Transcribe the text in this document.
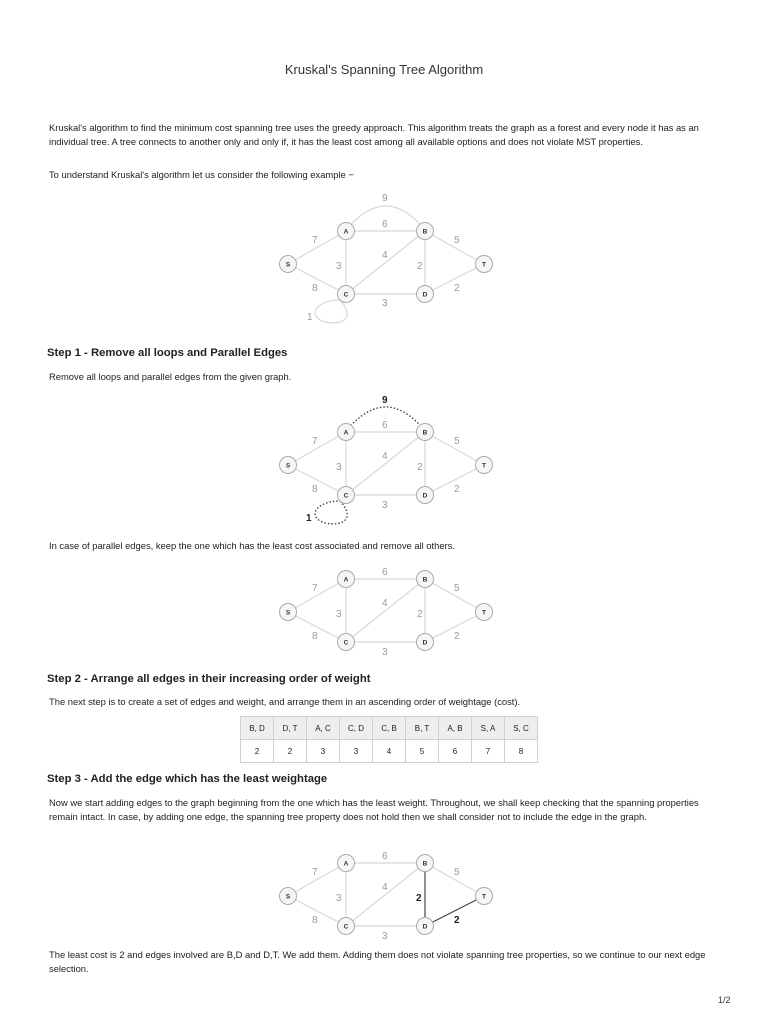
Kruskal's Spanning Tree Algorithm
Kruskal's algorithm to find the minimum cost spanning tree uses the greedy approach. This algorithm treats the graph as a forest and every node it has as an individual tree. A tree connects to another only and only if, it has the least cost among all available options and does not violate MST properties.
To understand Kruskal's algorithm let us consider the following example −
9
6
7
8
3
4
2
3
5
2
1
S
A	B
C	D
T
Step 1 - Remove all loops and Parallel Edges
Remove all loops and parallel edges from the given graph.
9
6
7
8
3
4
2
3
5
2
1
S
A	B
C	D
T
In case of parallel edges, keep the one which has the least cost associated and remove all others.
6
7
8
3
4
2
3
5
2
S
A	B
C	D
T
Step 2 - Arrange all edges in their increasing order of weight
The next step is to create a set of edges and weight, and arrange them in an ascending order of weightage (cost).
B, D	D, T	A, C	C, D	C, B	B, T	A, B	S, A	S, C
2	2	3	3	4	5	6	7	8
Step 3 - Add the edge which has the least weightage
Now we start adding edges to the graph beginning from the one which has the least weight. Throughout, we shall keep checking that the spanning properties remain intact. In case, by adding one edge, the spanning tree property does not hold then we shall consider not to include the edge in the graph.
6
7
8
3
4
2
3
5
2
S
A	B
C	D
T
The least cost is 2 and edges involved are B,D and D,T. We add them. Adding them does not violate spanning tree properties, so we continue to our next edge selection.
1/2
